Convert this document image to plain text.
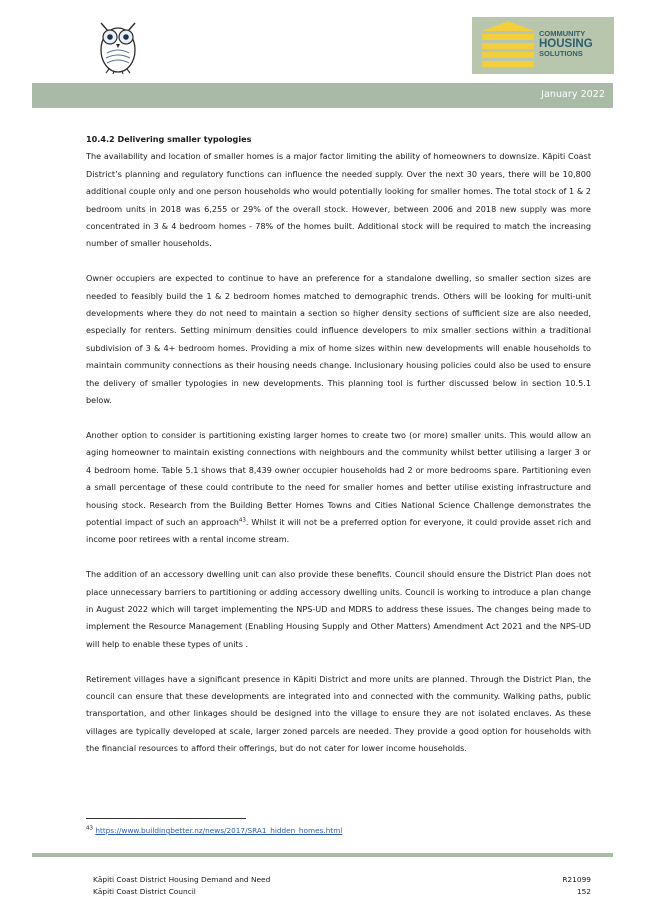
COMMUNITY
HOUSING
SOLUTIONS
January 2022

10.4.2 Delivering smaller typologies

The availability and location of smaller homes is a major factor limiting the ability of homeowners to downsize. Kāpiti Coast District’s planning and regulatory functions can influence the needed supply. Over the next 30 years, there will be 10,800 additional couple only and one person households who would potentially looking for smaller homes. The total stock of 1 & 2 bedroom units in 2018 was 6,255 or 29% of the overall stock. However, between 2006 and 2018 new supply was more concentrated in 3 & 4 bedroom homes - 78% of the homes built. Additional stock will be required to match the increasing number of smaller households.

Owner occupiers are expected to continue to have an preference for a standalone dwelling, so smaller section sizes are needed to feasibly build the 1 & 2 bedroom homes matched to demographic trends. Others will be looking for multi-unit developments where they do not need to maintain a section so higher density sections of sufficient size are also needed, especially for renters. Setting minimum densities could influence developers to mix smaller sections within a traditional subdivision of 3 & 4+ bedroom homes. Providing a mix of home sizes within new developments will enable households to maintain community connections as their housing needs change. Inclusionary housing policies could also be used to ensure the delivery of smaller typologies in new developments. This planning tool is further discussed below in section 10.5.1 below.

Another option to consider is partitioning existing larger homes to create two (or more) smaller units. This would allow an aging homeowner to maintain existing connections with neighbours and the community whilst better utilising a larger 3 or 4 bedroom home. Table 5.1 shows that 8,439 owner occupier households had 2 or more bedrooms spare. Partitioning even a small percentage of these could contribute to the need for smaller homes and better utilise existing infrastructure and housing stock. Research from the Building Better Homes Towns and Cities National Science Challenge demonstrates the potential impact of such an approach$^{43}$. Whilst it will not be a preferred option for everyone, it could provide asset rich and income poor retirees with a rental income stream.

The addition of an accessory dwelling unit can also provide these benefits. Council should ensure the District Plan does not place unnecessary barriers to partitioning or adding accessory dwelling units. Council is working to introduce a plan change in August 2022 which will target implementing the NPS-UD and MDRS to address these issues. The changes being made to implement the Resource Management (Enabling Housing Supply and Other Matters) Amendment Act 2021 and the NPS-UD will help to enable these types of units .

Retirement villages have a significant presence in Kāpiti District and more units are planned. Through the District Plan, the council can ensure that these developments are integrated into and connected with the community. Walking paths, public transportation, and other linkages should be designed into the village to ensure they are not isolated enclaves. As these villages are typically developed at scale, larger zoned parcels are needed. They provide a good option for households with the financial resources to afford their offerings, but do not cater for lower income households.

$^{43}$ https://www.buildingbetter.nz/news/2017/SRA1_hidden_homes.html
Kāpiti Coast District Housing Demand and Need
Kāpiti Coast District Council
R21099
152
